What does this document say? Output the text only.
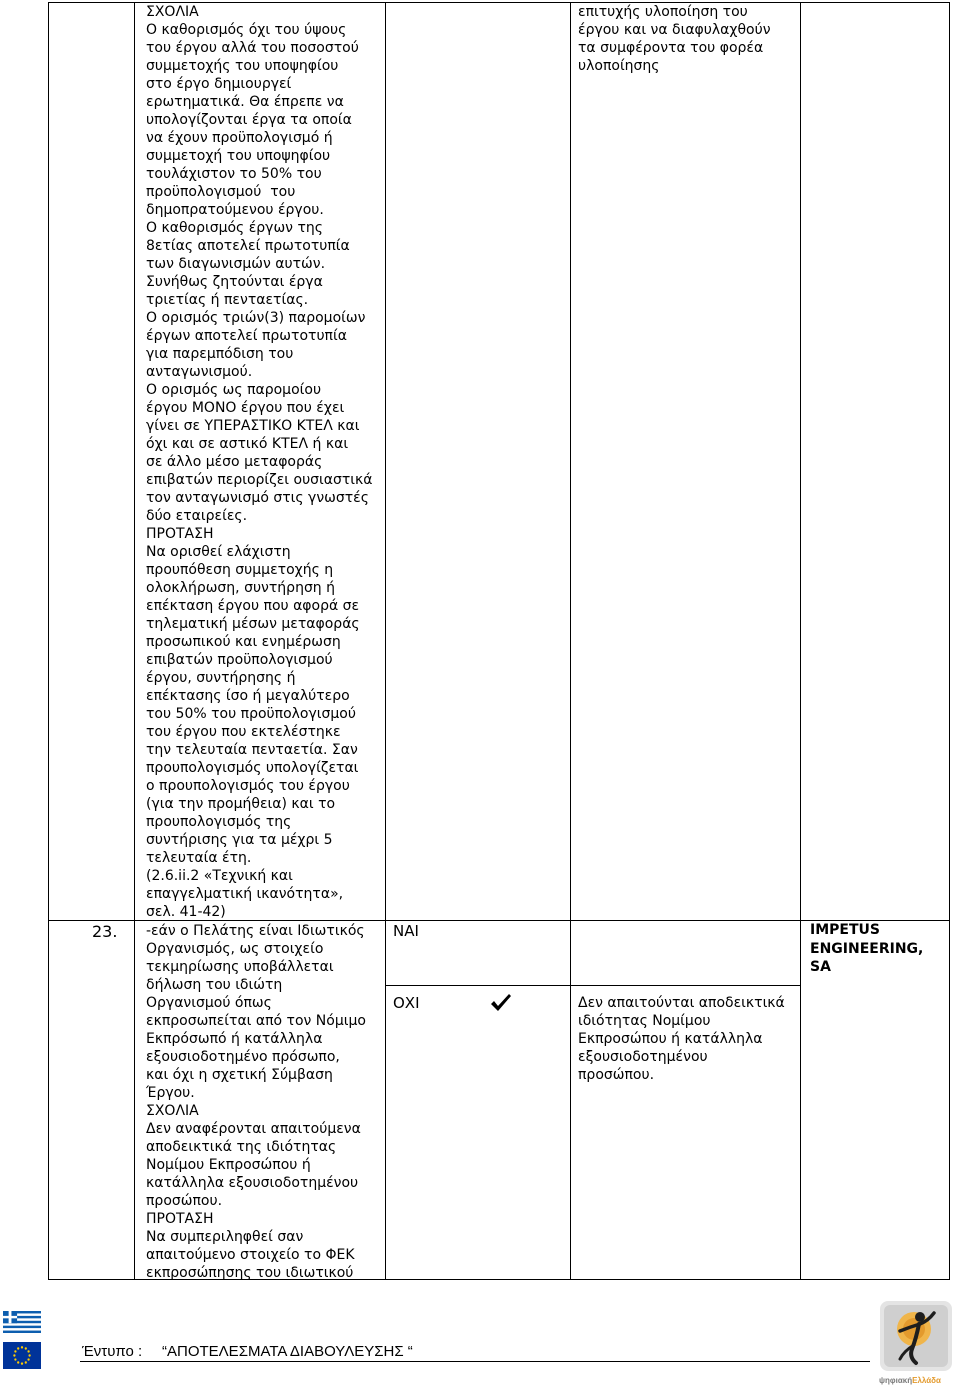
ΣΧΟΛΙΑ
Ο καθορισμός όχι του ύψους
του έργου αλλά του ποσοστού
συμμετοχής του υποψηφίου
στο έργο δημιουργεί
ερωτηματικά. Θα έπρεπε να
υπολογίζονται έργα τα οποία
να έχουν προϋπολογισμό ή
συμμετοχή του υποψηφίου
τουλάχιστον το 50% του
προϋπολογισμού  του
δημοπρατούμενου έργου.
Ο καθορισμός έργων της
8ετίας αποτελεί πρωτοτυπία
των διαγωνισμών αυτών.
Συνήθως ζητούνται έργα
τριετίας ή πενταετίας.
Ο ορισμός τριών(3) παρομοίων
έργων αποτελεί πρωτοτυπία
για παρεμπόδιση του
ανταγωνισμού.
Ο ορισμός ως παρομοίου
έργου ΜΟΝΟ έργου που έχει
γίνει σε ΥΠΕΡΑΣΤΙΚΟ ΚΤΕΛ και
όχι και σε αστικό ΚΤΕΛ ή και
σε άλλο μέσο μεταφοράς
επιβατών περιορίζει ουσιαστικά
τον ανταγωνισμό στις γνωστές
δύο εταιρείες.
ΠΡΟΤΑΣΗ
Να ορισθεί ελάχιστη
προυπόθεση συμμετοχής η
ολοκλήρωση, συντήρηση ή
επέκταση έργου που αφορά σε
τηλεματική μέσων μεταφοράς
προσωπικού και ενημέρωση
επιβατών προϋπολογισμού
έργου, συντήρησης ή
επέκτασης ίσο ή μεγαλύτερο
του 50% του προϋπολογισμού
του έργου που εκτελέστηκε
την τελευταία πενταετία. Σαν
προυπολογισμός υπολογίζεται
ο προυπολογισμός του έργου
(για την προμήθεια) και το
προυπολογισμός της
συντήρισης για τα μέχρι 5
τελευταία έτη.
(2.6.ii.2 «Τεχνική και
επαγγελματική ικανότητα»,
σελ. 41-42)
επιτυχής υλοποίηση του
έργου και να διαφυλαχθούν
τα συμφέροντα του φορέα
υλοποίησης
23. -εάν ο Πελάτης είναι Ιδιωτικός
Οργανισμός, ως στοιχείο
τεκμηρίωσης υποβάλλεται
δήλωση του ιδιώτη
Οργανισμού όπως
εκπροσωπείται από τον Νόμιμο
Εκπρόσωπό ή κατάλληλα
εξουσιοδοτημένο πρόσωπο,
και όχι η σχετική Σύμβαση
Έργου.
ΣΧΟΛΙΑ
Δεν αναφέρονται απαιτούμενα
αποδεικτικά της ιδιότητας
Νομίμου Εκπροσώπου ή
κατάλληλα εξουσιοδοτημένου
προσώπου.
ΠΡΟΤΑΣΗ
Να συμπεριληφθεί σαν
απαιτούμενο στοιχείο το ΦΕΚ
εκπροσώπησης του ιδιωτικού
ΝΑΙ
ΟΧΙ	Δεν απαιτούνται αποδεικτικά
ιδιότητας Νομίμου
Εκπροσώπου ή κατάλληλα
εξουσιοδοτημένου
προσώπου.
IMPETUS
ENGINEERING,
SA
Έντυπο : “ΑΠΟΤΕΛΕΣΜΑΤΑ ΔΙΑΒΟΥΛΕΥΣΗΣ “
ψηφιακήΕλλάδα
